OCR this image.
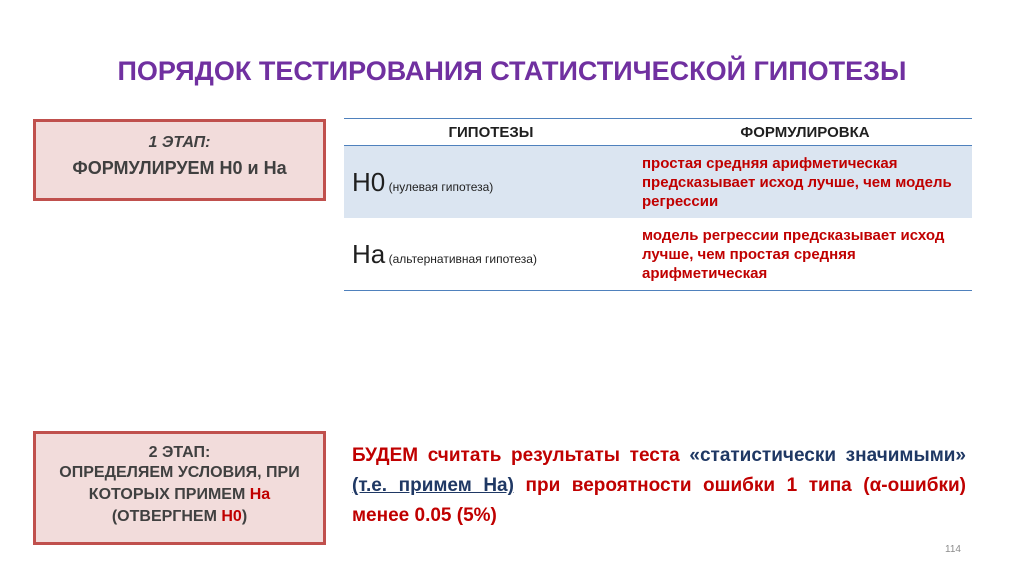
ПОРЯДОК ТЕСТИРОВАНИЯ СТАТИСТИЧЕСКОЙ ГИПОТЕЗЫ
1 ЭТАП:
ФОРМУЛИРУЕМ Н0 и На
ГИПОТЕЗЫ	ФОРМУЛИРОВКА
Н0 (нулевая гипотеза)	простая средняя арифметическая предсказывает исход лучше, чем модель регрессии
На (альтернативная гипотеза)	модель регрессии предсказывает исход лучше, чем простая средняя арифметическая
2 ЭТАП:
ОПРЕДЕЛЯЕМ УСЛОВИЯ, ПРИ
КОТОРЫХ ПРИМЕМ На
(ОТВЕРГНЕМ Н0)
БУДЕМ считать результаты теста «статистически значимыми» (т.е. примем На) при вероятности ошибки 1 типа (α-ошибки) менее 0.05 (5%)
114
